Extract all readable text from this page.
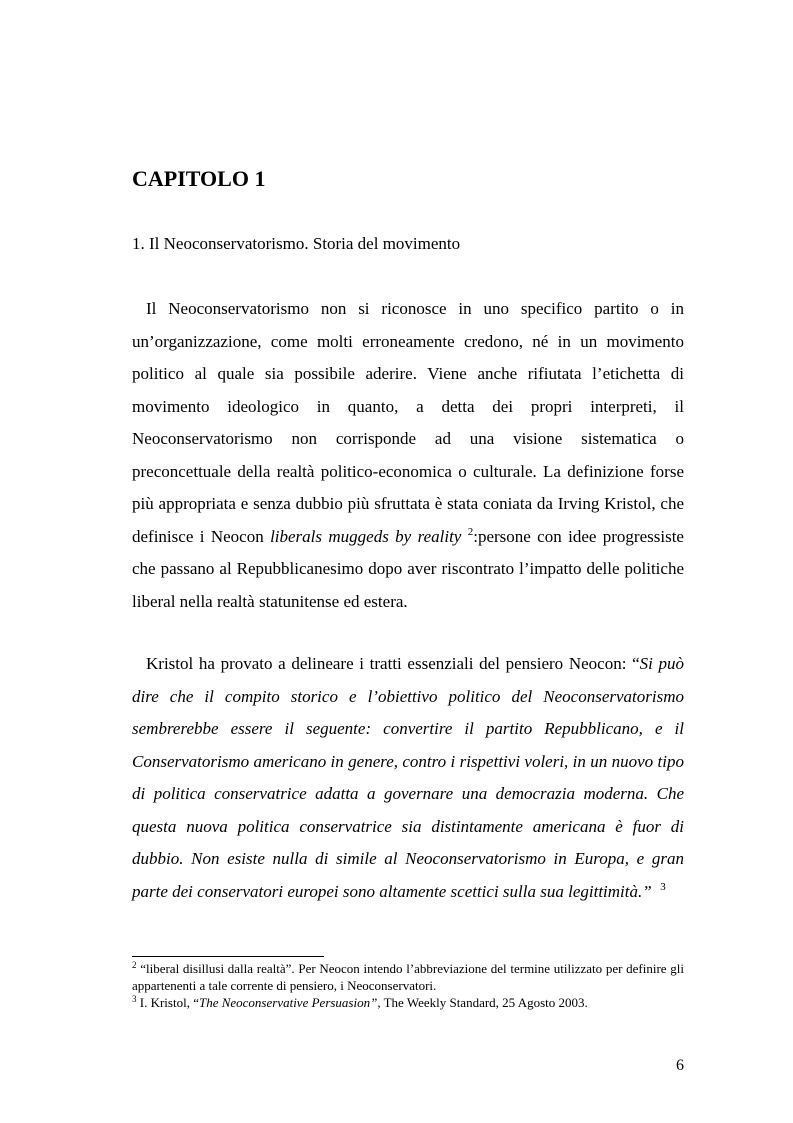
CAPITOLO 1
1. Il Neoconservatorismo. Storia del movimento

Il Neoconservatorismo non si riconosce in uno specifico partito o in un’organizzazione, come molti erroneamente credono, né in un movimento politico al quale sia possibile aderire. Viene anche rifiutata l’etichetta di movimento ideologico in quanto, a detta dei propri interpreti, il Neoconservatorismo non corrisponde ad una visione sistematica o preconcettuale della realtà politico-economica o culturale. La definizione forse più appropriata e senza dubbio più sfruttata è stata coniata da Irving Kristol, che definisce i Neocon liberals muggeds by reality $^2$:persone con idee progressiste che passano al Repubblicanesimo dopo aver riscontrato l’impatto delle politiche liberal nella realtà statunitense ed estera.

Kristol ha provato a delineare i tratti essenziali del pensiero Neocon: “Si può dire che il compito storico e l’obiettivo politico del Neoconservatorismo sembrerebbe essere il seguente: convertire il partito Repubblicano, e il Conservatorismo americano in genere, contro i rispettivi voleri, in un nuovo tipo di politica conservatrice adatta a governare una democrazia moderna. Che questa nuova politica conservatrice sia distintamente americana è fuor di dubbio. Non esiste nulla di simile al Neoconservatorismo in Europa, e gran parte dei conservatori europei sono altamente scettici sulla sua legittimità.” $^3$

$^2$ “liberal disillusi dalla realtà”. Per Neocon intendo l’abbreviazione del termine utilizzato per definire gli appartenenti a tale corrente di pensiero, i Neoconservatori.

$^3$ I. Kristol, “The Neoconservative Persuasion”, The Weekly Standard, 25 Agosto 2003.

6
